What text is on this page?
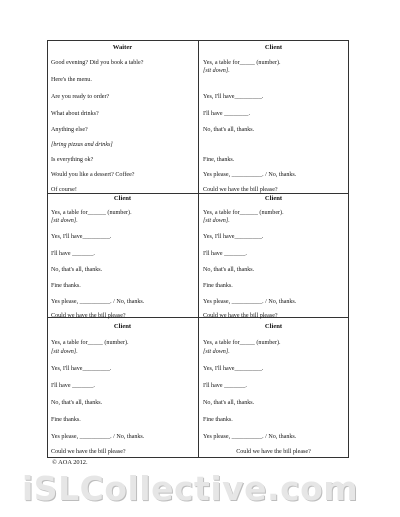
Waiter
Good evening? Did you book a table?
Here's the menu.
Are you ready to order?
What about drinks?
Anything else?
[bring pizzas and drinks]
Is everything ok?
Would you like a dessert? Coffee?
Of course!
Client
Yes, a table for_____ (number).
[sit down].
Yes, I'll have_________.
I'll have ________.
No, that's all, thanks.
Fine, thanks.
Yes please, __________. / No, thanks.
Could we have the bill please?
Client
Yes, a table for______ (number).
[sit down].
Yes, I'll have_________.
I'll have _______.
No, that's all, thanks.
Fine thanks.
Yes please, __________. / No, thanks.
Could we have the bill please?
Client
Yes, a table for______ (number).
[sit down].
Yes, I'll have_________.
I'll have _______.
No, that's all, thanks.
Fine thanks.
Yes please, __________. / No, thanks.
Could we have the bill please?
Client
Yes, a table for_____ (number).
[sit down].
Yes, I'll have_________.
I'll have _______.
No, that's all, thanks.
Fine thanks.
Yes please, __________. / No, thanks.
Could we have the bill please?
Client
Yes, a table for_____ (number).
[sit down].
Yes, I'll have_________.
I'll have _______.
No, that's all, thanks.
Fine thanks.
Yes please, __________. / No, thanks.
Could we have the bill please?
© AOA 2012.
iSLCollective.com
